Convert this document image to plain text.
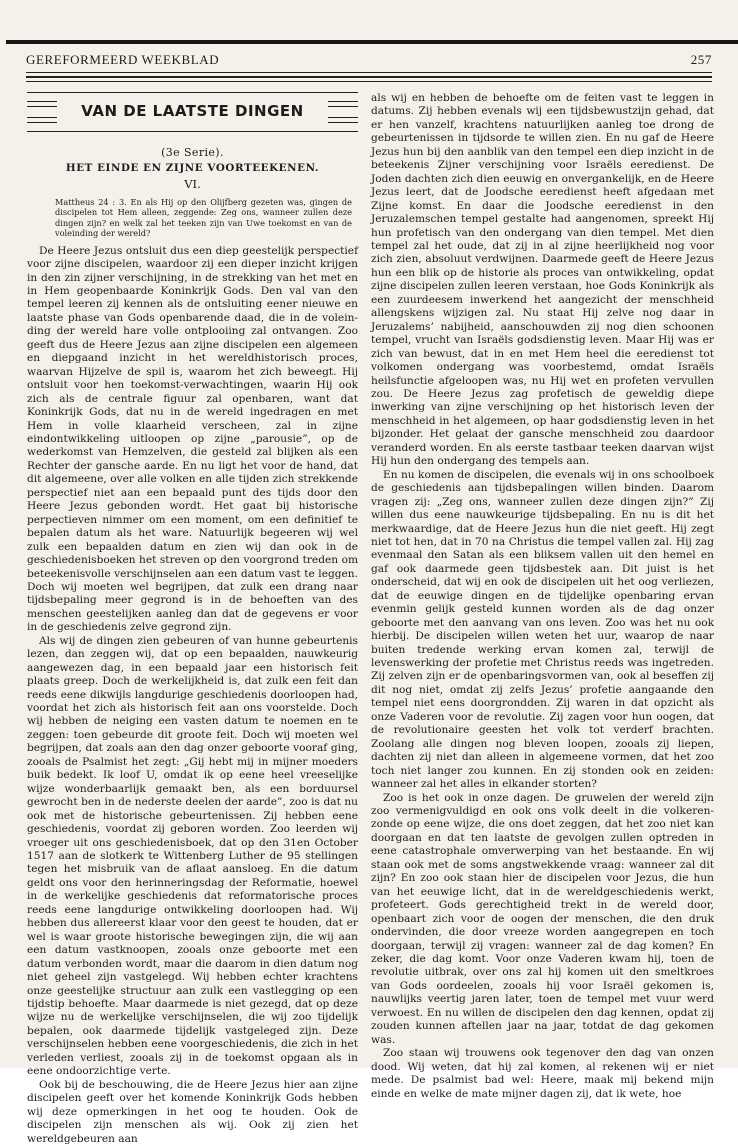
GEREFORMEERD WEEKBLAD	257
VAN DE LAATSTE DINGEN

(3e Serie).

HET EINDE EN ZIJNE VOORTEEKENEN.

VI.

Mattheus 24 : 3. En als Hij op den Olijfberg gezeten was, gingen de discipelen tot Hem alleen, zeggende: Zeg ons, wanneer zullen deze dingen zijn? en welk zal het teeken zijn van Uwe toekomst en van de voleinding der wereld?

De Heere Jezus ontsluit dus een diep geestelijk perspectief voor zijne discipelen, waardoor zij een dieper inzicht krijgen in den zin zijner verschijning, in de strekking van het met en in Hem geopenbaarde Koninkrijk Gods. Den val van den tempel leeren zij kennen als de ontsluiting eener nieuwe en laatste phase van Gods openbarende daad, die in de voleinding der wereld hare volle ontplooiing zal ontvangen. Zoo geeft dus de Heere Jezus aan zijne discipelen een algemeen en diepgaand inzicht in het wereldhistorisch proces, waarvan Hijzelve de spil is, waarom het zich beweegt. Hij ontsluit voor hen toekomst-verwachtingen, waarin Hij ook zich als de centrale figuur zal openbaren, want dat Koninkrijk Gods, dat nu in de wereld ingedragen en met Hem in volle klaarheid verscheen, zal in zijne eindontwikkeling uitloopen op zijne „parousie”, op de wederkomst van Hemzelven, die gesteld zal blijken als een Rechter der gansche aarde. En nu ligt het voor de hand, dat dit algemeene, over alle volken en alle tijden zich strekkende perspectief niet aan een bepaald punt des tijds door den Heere Jezus gebonden wordt. Het gaat bij historische perpectieven nimmer om een moment, om een definitief te bepalen datum als het ware. Natuurlijk begeeren wij wel zulk een bepaalden datum en zien wij dan ook in de geschiedenisboeken het streven op den voorgrond treden om beteekenisvolle verschijnselen aan een datum vast te leggen. Doch wij moeten wel begrijpen, dat zulk een drang naar tijdsbepaling meer gegrond is in de behoeften van des menschen geestelijken aanleg dan dat de gegevens er voor in de geschiedenis zelve gegrond zijn.

Als wij de dingen zien gebeuren of van hunne gebeurtenis lezen, dan zeggen wij, dat op een bepaalden, nauwkeurig aangewezen dag, in een bepaald jaar een historisch feit plaats greep. Doch de werkelijkheid is, dat zulk een feit dan reeds eene dikwijls langdurige geschiedenis doorloopen had, voordat het zich als historisch feit aan ons voorstelde. Doch wij hebben de neiging een vasten datum te noemen en te zeggen: toen gebeurde dit groote feit. Doch wij moeten wel begrijpen, dat zoals aan den dag onzer geboorte vooraf ging, zooals de Psalmist het zegt: „Gij hebt mij in mijner moeders buik bedekt. Ik loof U, omdat ik op eene heel vreeselijke wijze wonderbaarlijk gemaakt ben, als een borduursel gewrocht ben in de nederste deelen der aarde”, zoo is dat nu ook met de historische gebeurtenissen. Zij hebben eene geschiedenis, voordat zij geboren worden. Zoo leerden wij vroeger uit ons geschiedenisboek, dat op den 31en October 1517 aan de slotkerk te Wittenberg Luther de 95 stellingen tegen het misbruik van de aflaat aansloeg. En die datum geldt ons voor den herinneringsdag der Reformatie, hoewel in de werkelijke geschiedenis dat reformatorische proces reeds eene langdurige ontwikkeling doorloopen had. Wij hebben dus allereerst klaar voor den geest te houden, dat er wel is waar groote historische bewegingen zijn, die wij aan een datum vastknoopen, zooals onze geboorte met een datum verbonden wordt, maar die daarom in dien datum nog niet geheel zijn vastgelegd. Wij hebben echter krachtens onze geestelijke structuur aan zulk een vastlegging op een tijdstip behoefte. Maar daarmede is niet gezegd, dat op deze wijze nu de werkelijke verschijnselen, die wij zoo tijdelijk bepalen, ook daarmede tijdelijk vastgeleged zijn. Deze verschijnselen hebben eene voorgeschiedenis, die zich in het verleden verliest, zooals zij in de toekomst opgaan als in eene ondoorzichtige verte.

Ook bij de beschouwing, die de Heere Jezus hier aan zijne discipelen geeft over het komende Koninkrijk Gods hebben wij deze opmerkingen in het oog te houden. Ook de discipelen zijn menschen als wij. Ook zij zien het wereldgebeuren aan

als wij en hebben de behoefte om de feiten vast te leggen in datums. Zij hebben evenals wij een tijdsbewustzijn gehad, dat er hen vanzelf, krachtens natuurlijken aanleg toe drong de gebeurtenissen in tijdsorde te willen zien. En nu gaf de Heere Jezus hun bij den aanblik van den tempel een diep inzicht in de beteekenis Zijner verschijning voor Israëls eeredienst. De Joden dachten zich dien eeuwig en onvergankelijk, en de Heere Jezus leert, dat de Joodsche eeredienst heeft afgedaan met Zijne komst. En daar die Joodsche eeredienst in den Jeruzalemschen tempel gestalte had aangenomen, spreekt Hij hun profetisch van den ondergang van dien tempel. Met dien tempel zal het oude, dat zij in al zijne heerlijkheid nog voor zich zien, absoluut verdwijnen. Daarmede geeft de Heere Jezus hun een blik op de historie als proces van ontwikkeling, opdat zijne discipelen zullen leeren verstaan, hoe Gods Koninkrijk als een zuurdeesem inwerkend het aangezicht der menschheid allengskens wijzigen zal. Nu staat Hij zelve nog daar in Jeruzalems’ nabijheid, aanschouwden zij nog dien schoonen tempel, vrucht van Israëls godsdienstig leven. Maar Hij was er zich van bewust, dat in en met Hem heel die eeredienst tot volkomen ondergang was voorbestemd, omdat Israëls heilsfunctie afgeloopen was, nu Hij wet en profeten vervullen zou. De Heere Jezus zag profetisch de geweldig diepe inwerking van zijne verschijning op het historisch leven der menschheid in het algemeen, op haar godsdienstig leven in het bijzonder. Het gelaat der gansche menschheid zou daardoor veranderd worden. En als eerste tastbaar teeken daarvan wijst Hij hun den ondergang des tempels aan.

En nu komen de discipelen, die evenals wij in ons schoolboek de geschiedenis aan tijdsbepalingen willen binden. Daarom vragen zij: „Zeg ons, wanneer zullen deze dingen zijn?” Zij willen dus eene nauwkeurige tijdsbepaling. En nu is dit het merkwaardige, dat de Heere Jezus hun die niet geeft. Hij zegt niet tot hen, dat in 70 na Christus die tempel vallen zal. Hij zag evenmaal den Satan als een bliksem vallen uit den hemel en gaf ook daarmede geen tijdsbestek aan. Dit juist is het onderscheid, dat wij en ook de discipelen uit het oog verliezen, dat de eeuwige dingen en de tijdelijke openbaring ervan evenmin gelijk gesteld kunnen worden als de dag onzer geboorte met den aanvang van ons leven. Zoo was het nu ook hierbij. De discipelen willen weten het uur, waarop de naar buiten tredende werking ervan komen zal, terwijl de levenswerking der profetie met Christus reeds was ingetreden. Zij zelven zijn er de openbaringsvormen van, ook al beseffen zij dit nog niet, omdat zij zelfs Jezus’ profetie aangaande den tempel niet eens doorgrondden. Zij waren in dat opzicht als onze Vaderen voor de revolutie. Zij zagen voor hun oogen, dat de revolutionaire geesten het volk tot verderf brachten. Zoolang alle dingen nog bleven loopen, zooals zij liepen, dachten zij niet dan alleen in algemeene vormen, dat het zoo toch niet langer zou kunnen. En zij stonden ook en zeiden: wanneer zal het alles in elkander storten?

Zoo is het ook in onze dagen. De gruwelen der wereld zijn zoo vermenigvuldigd en ook ons volk deelt in die volkeren-zonde op eene wijze, die ons doet zeggen, dat het zoo niet kan doorgaan en dat ten laatste de gevolgen zullen optreden in eene catastrophale omverwerping van het bestaande. En wij staan ook met de soms angstwekkende vraag: wanneer zal dit zijn? En zoo ook staan hier de discipelen voor Jezus, die hun van het eeuwige licht, dat in de wereldgeschiedenis werkt, profeteert. Gods gerechtigheid trekt in de wereld door, openbaart zich voor de oogen der menschen, die den druk ondervinden, die door vreeze worden aangegrepen en toch doorgaan, terwijl zij vragen: wanneer zal de dag komen? En zeker, die dag komt. Voor onze Vaderen kwam hij, toen de revolutie uitbrak, over ons zal hij komen uit den smeltkroes van Gods oordeelen, zooals hij voor Israël gekomen is, nauwlijks veertig jaren later, toen de tempel met vuur werd verwoest. En nu willen de discipelen den dag kennen, opdat zij zouden kunnen aftellen jaar na jaar, totdat de dag gekomen was.

Zoo staan wij trouwens ook tegenover den dag van onzen dood. Wij weten, dat hij zal komen, al rekenen wij er niet mede. De psalmist bad wel: Heere, maak mij bekend mijn einde en welke de mate mijner dagen zij, dat ik wete, hoe
